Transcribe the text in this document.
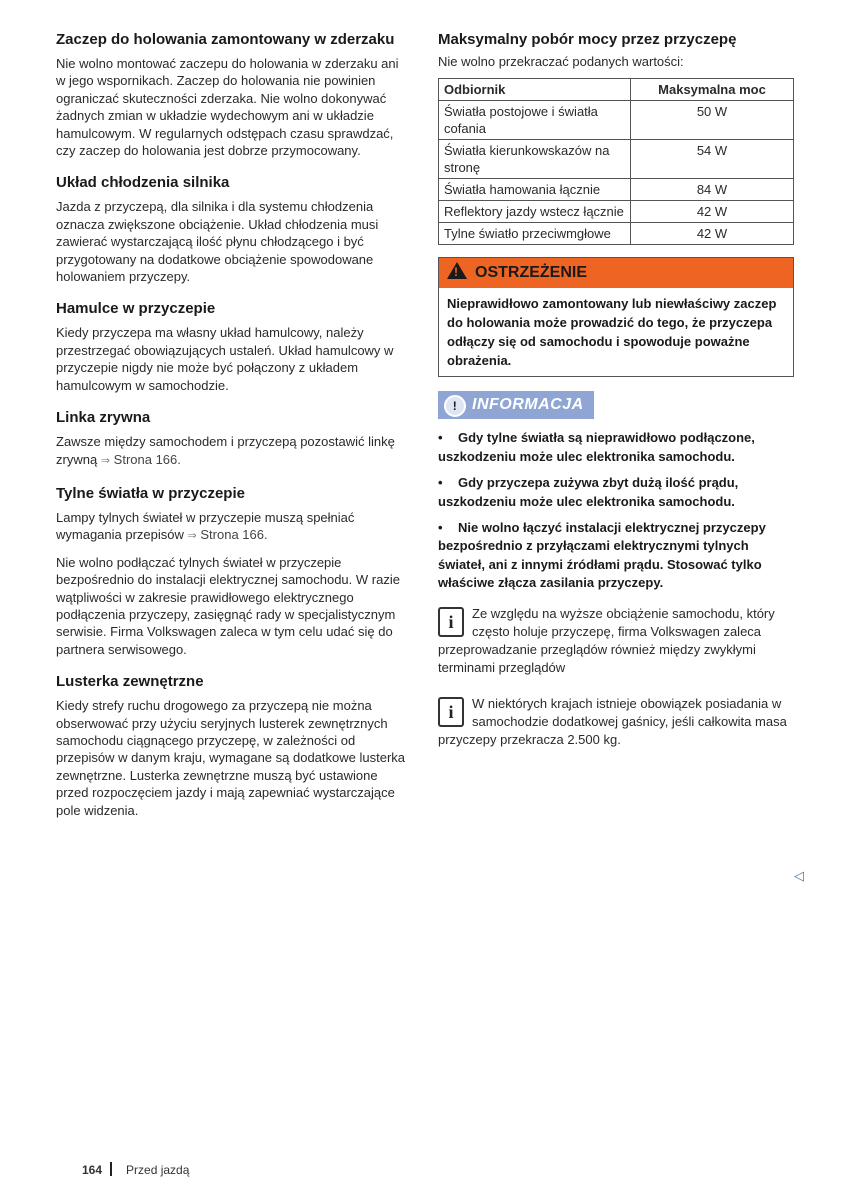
Zaczep do holowania zamontowany w zderzaku

Nie wolno montować zaczepu do holowania w zderzaku ani w jego wspornikach. Zaczep do holowania nie powinien ograniczać skuteczności zderzaka. Nie wolno dokonywać żadnych zmian w układzie wydechowym ani w układzie hamulcowym. W regularnych odstępach czasu sprawdzać, czy zaczep do holowania jest dobrze przymocowany.

Układ chłodzenia silnika

Jazda z przyczepą, dla silnika i dla systemu chłodzenia oznacza zwiększone obciążenie. Układ chłodzenia musi zawierać wystarczającą ilość płynu chłodzącego i być przygotowany na dodatkowe obciążenie spowodowane holowaniem przyczepy.

Hamulce w przyczepie

Kiedy przyczepa ma własny układ hamulcowy, należy przestrzegać obowiązujących ustaleń. Układ hamulcowy w przyczepie nigdy nie może być połączony z układem hamulcowym w samochodzie.

Linka zrywna

Zawsze między samochodem i przyczepą pozostawić linkę zrywną ⇒ Strona 166.

Tylne światła w przyczepie

Lampy tylnych świateł w przyczepie muszą spełniać wymagania przepisów ⇒ Strona 166.

Nie wolno podłączać tylnych świateł w przyczepie bezpośrednio do instalacji elektrycznej samochodu. W razie wątpliwości w zakresie prawidłowego elektrycznego podłączenia przyczepy, zasięgnąć rady w specjalistycznym serwisie. Firma Volkswagen zaleca w tym celu udać się do partnera serwisowego.

Lusterka zewnętrzne

Kiedy strefy ruchu drogowego za przyczepą nie można obserwować przy użyciu seryjnych lusterek zewnętrznych samochodu ciągnącego przyczepę, w zależności od przepisów w danym kraju, wymagane są dodatkowe lusterka zewnętrzne. Lusterka zewnętrzne muszą być ustawione przed rozpoczęciem jazdy i mają zapewniać wystarczające pole widzenia.

Maksymalny pobór mocy przez przyczepę

Nie wolno przekraczać podanych wartości:

Odbiornik	Maksymalna moc
Światła postojowe i światła cofania	50 W
Światła kierunkowskazów na stronę	54 W
Światła hamowania łącznie	84 W
Reflektory jazdy wstecz łącznie	42 W
Tylne światło przeciwmgłowe	42 W
! OSTRZEŻENIE
Nieprawidłowo zamontowany lub niewłaściwy zaczep do holowania może prowadzić do tego, że przyczepa odłączy się od samochodu i spowoduje poważne obrażenia.
! INFORMACJA
• Gdy tylne światła są nieprawidłowo podłączone, uszkodzeniu może ulec elektronika samochodu.
• Gdy przyczepa zużywa zbyt dużą ilość prądu, uszkodzeniu może ulec elektronika samochodu.
• Nie wolno łączyć instalacji elektrycznej przyczepy bezpośrednio z przyłączami elektrycznymi tylnych świateł, ani z innymi źródłami prądu. Stosować tylko właściwe złącza zasilania przyczepy.
i	Ze względu na wyższe obciążenie samochodu, który często holuje przyczepę, firma Volkswagen zaleca przeprowadzanie przeglądów również między zwykłymi terminami przeglądów
i	W niektórych krajach istnieje obowiązek posiadania w samochodzie dodatkowej gaśnicy, jeśli całkowita masa przyczepy przekracza 2.500 kg.
◁
164 Przed jazdą
